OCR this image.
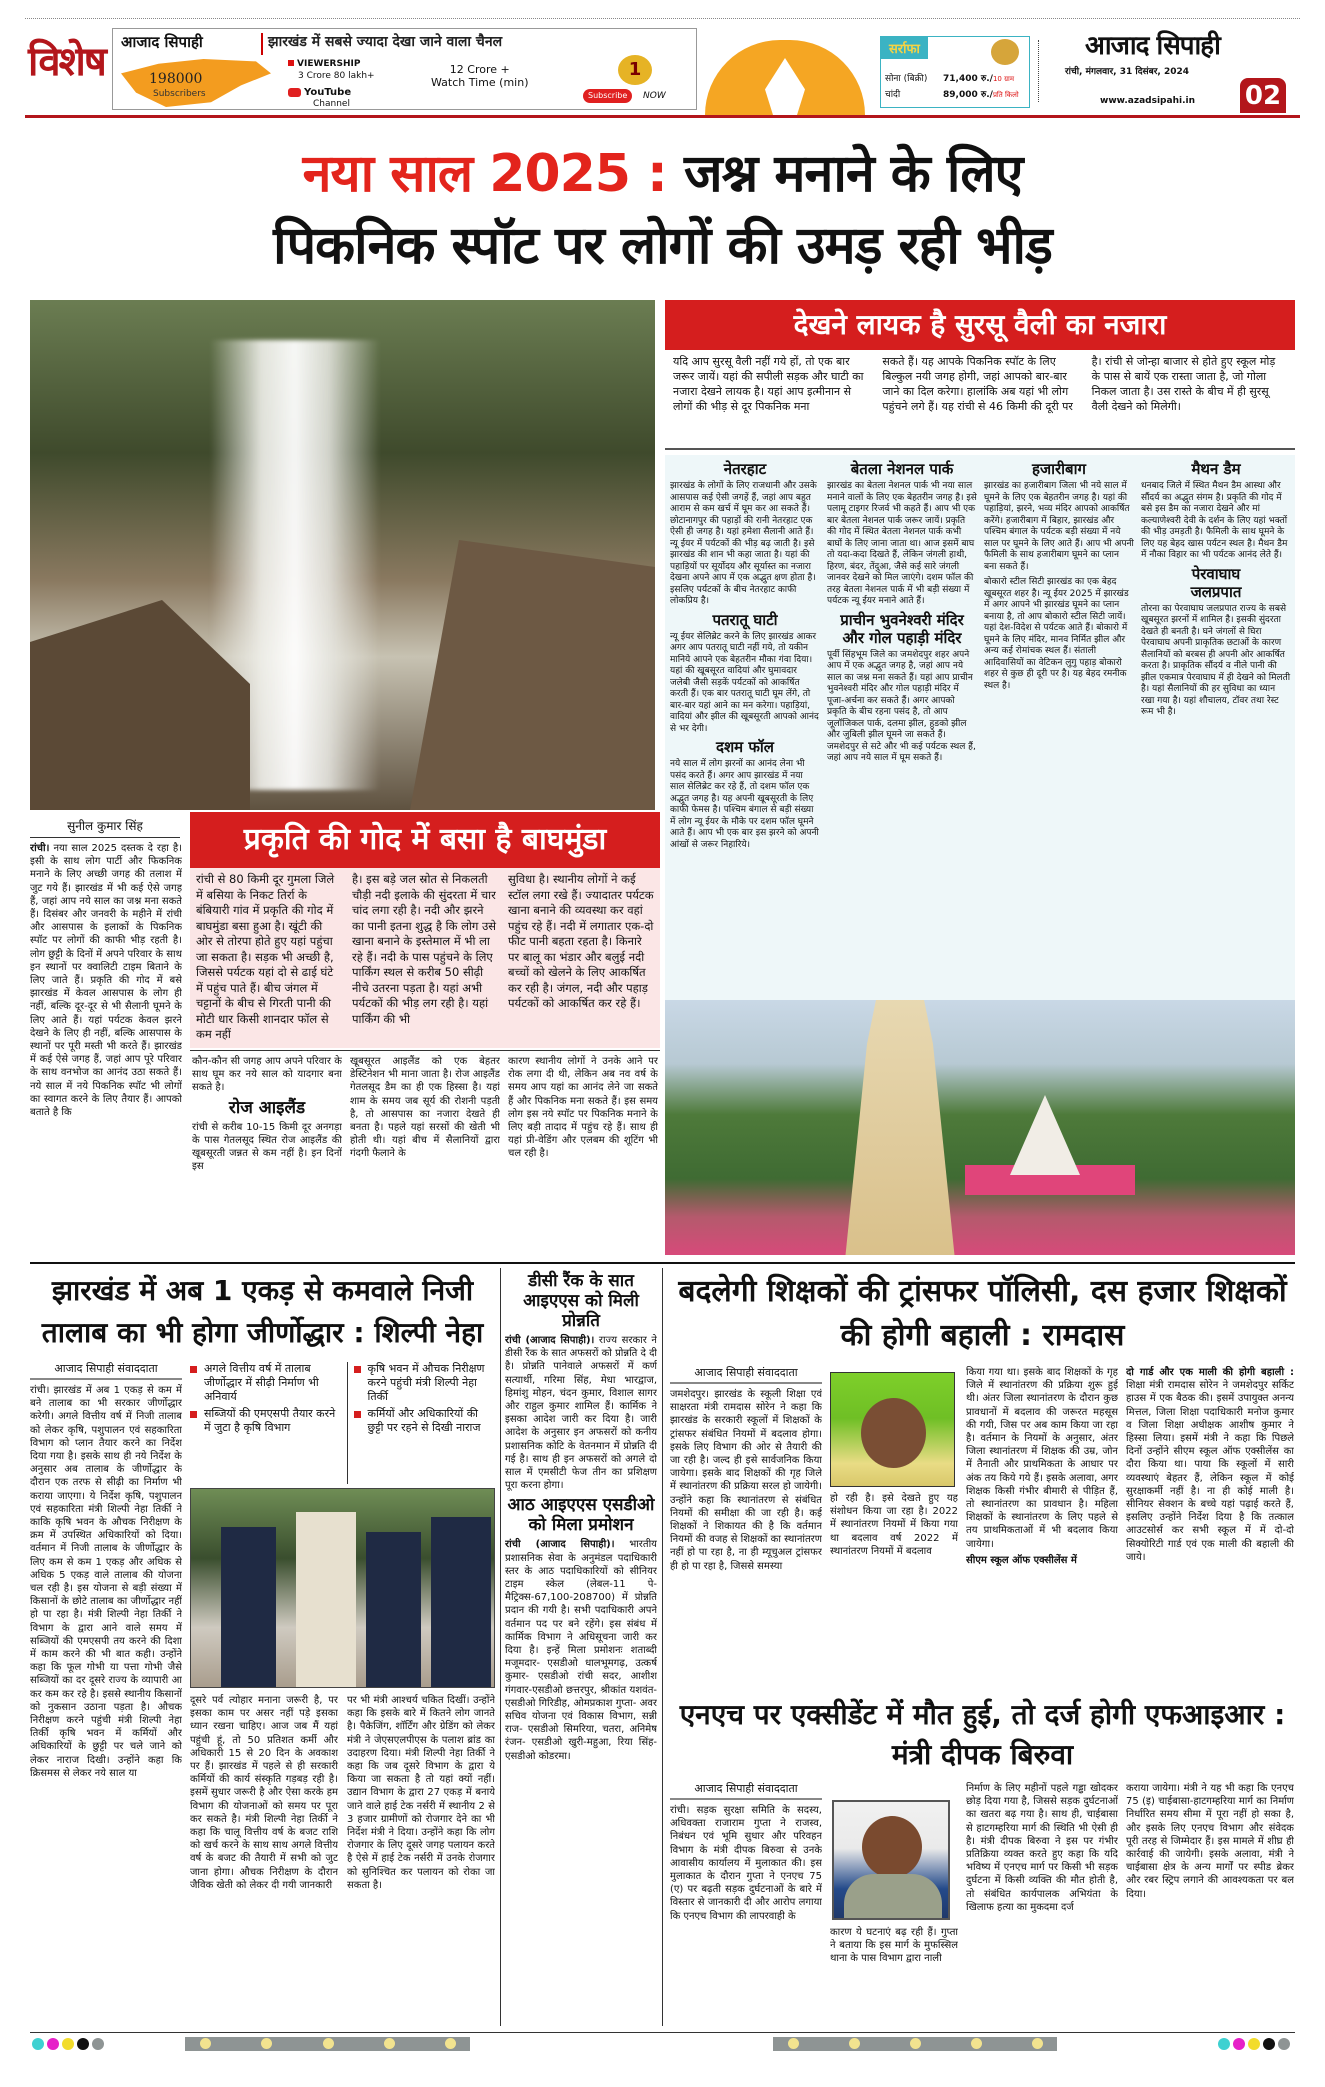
विशेष आजाद सिपाही	झारखंड में सबसे ज्यादा देखा जाने वाला चैनल
198000
Subscribers
VIEWERSHIP
3 Crore 80 lakh+	12 Crore +
Watch Time (min)
YouTube
Channel
1
Subscribe	NOW
सर्राफा
सोना (बिक्री) 71,400 रु./10 ग्राम
चांदी	89,000 रु./प्रति किलो
आजाद सिपाही
रांची, मंगलवार, 31 दिसंबर, 2024
www.azadsipahi.in 02
नया साल 2025 : जश्न मनाने के लिए
पिकनिक स्पॉट पर लोगों की उमड़ रही भीड़
देखने लायक है सुरसू वैली का नजारा
यदि आप सुरसू वैली नहीं गये हों, तो एक बार जरूर जायें। यहां की सपीली सड़क और घाटी का नजारा देखने लायक है। यहां आप इत्मीनान से लोगों की भीड़ से दूर पिकनिक मना
सकते हैं। यह आपके पिकनिक स्पॉट के लिए बिल्कुल नयी जगह होगी, जहां आपको बार-बार जाने का दिल करेगा। हालांकि अब यहां भी लोग पहुंचने लगे हैं। यह रांची से 46 किमी की दूरी पर
है। रांची से जोन्हा बाजार से होते हुए स्कूल मोड़ के पास से बायें एक रास्ता जाता है, जो गोला निकल जाता है। उस रास्ते के बीच में ही सुरसू वैली देखने को मिलेगी।
नेतरहाट
झारखंड के लोगों के लिए राजधानी और उसके आसपास कई ऐसी जगहें हैं, जहां आप बहुत आराम से कम खर्च में घूम कर आ सकते हैं। छोटानागपुर की पहाड़ों की रानी नेतरहाट एक ऐसी ही जगह है। यहां हमेशा सैलानी आते हैं। न्यू ईयर में पर्यटकों की भीड़ बढ़ जाती है। इसे झारखंड की शान भी कहा जाता है। यहां की पहाड़ियों पर सूर्योदय और सूर्यास्त का नजारा देखना अपने आप में एक अद्भुत क्षण होता है। इसलिए पर्यटकों के बीच नेतरहाट काफी लोकप्रिय है।
पतरातू घाटी
न्यू ईयर सेलिब्रेट करने के लिए झारखंड आकर अगर आप पतरातू घाटी नहीं गये, तो यकीन मानिये आपने एक बेहतरीन मौका गंवा दिया। यहां की खूबसूरत वादियां और घुमावदार जलेबी जैसी सड़कें पर्यटकों को आकर्षित करती हैं। एक बार पतरातू घाटी घूम लेंगे, तो बार-बार यहां आने का मन करेगा। पहाड़ियां, वादियां और झील की खूबसूरती आपको आनंद से भर देगी।
दशम फॉल
नये साल में लोग झरनों का आनंद लेना भी पसंद करते हैं। अगर आप झारखंड में नया साल सेलिब्रेट कर रहे हैं, तो दशम फॉल एक अद्भुत जगह है। यह अपनी खूबसूरती के लिए काफी फेमस है। पश्चिम बंगाल से बड़ी संख्या में लोग न्यू ईयर के मौके पर दशम फॉल घूमने आते हैं। आप भी एक बार इस झरने को अपनी आंखों से जरूर निहारिये।
बेतला नेशनल पार्क
झारखंड का बेतला नेशनल पार्क भी नया साल मनाने वालों के लिए एक बेहतरीन जगह है। इसे पलामू टाइगर रिजर्व भी कहते हैं। आप भी एक बार बेतला नेशनल पार्क जरूर जायें। प्रकृति की गोद में स्थित बेतला नेशनल पार्क कभी बाघों के लिए जाना जाता था। आज इसमें बाघ तो यदा-कदा दिखते हैं, लेकिन जंगली हाथी, हिरण, बंदर, तेंदुआ, जैसे कई सारे जंगली जानवर देखने को मिल जाएंगे। दशम फॉल की तरह बेतला नेशनल पार्क में भी बड़ी संख्या में पर्यटक न्यू ईयर मनाने आते हैं।
प्राचीन भुवनेश्वरी मंदिर और गोल पहाड़ी मंदिर
पूर्वी सिंहभूम जिले का जमशेदपुर शहर अपने आप में एक अद्भुत जगह है, जहां आप नये साल का जश्न मना सकते हैं। यहां आप प्राचीन भुवनेश्वरी मंदिर और गोल पहाड़ी मंदिर में पूजा-अर्चना कर सकते हैं। अगर आपको प्रकृति के बीच रहना पसंद है, तो आप जूलॉजिकल पार्क, दलमा झील, हुडको झील और जुबिली झील घूमने जा सकते हैं। जमशेदपुर से सटे और भी कई पर्यटक स्थल हैं, जहां आप नये साल में घूम सकते हैं।
हजारीबाग
झारखंड का हजारीबाग जिला भी नये साल में घूमने के लिए एक बेहतरीन जगह है। यहां की पहाड़ियां, झरने, भव्य मंदिर आपको आकर्षित करेंगे। हजारीबाग में बिहार, झारखंड और पश्चिम बंगाल के पर्यटक बड़ी संख्या में नये साल पर घूमने के लिए आते हैं। आप भी अपनी फैमिली के साथ हजारीबाग घूमने का प्लान बना सकते हैं।
बोकारो स्टील सिटी झारखंड का एक बेहद खूबसूरत शहर है। न्यू ईयर 2025 में झारखंड में अगर आपने भी झारखंड घूमने का प्लान बनाया है, तो आप बोकारो स्टील सिटी जायें। यहां देश-विदेश से पर्यटक आते हैं। बोकारो में घूमने के लिए मंदिर, मानव निर्मित झील और अन्य कई रोमांचक स्थल हैं। संताली आदिवासियों का वेटिकन लुगु पहाड़ बोकारो शहर से कुछ ही दूरी पर है। यह बेहद रमनीक स्थल है।
मैथन डैम
धनबाद जिले में स्थित मैथन डैम आस्था और सौंदर्य का अद्भुत संगम है। प्रकृति की गोद में बसे इस डैम का नजारा देखने और मां कल्याणेश्वरी देवी के दर्शन के लिए यहां भक्तों की भीड़ उमड़ती है। फैमिली के साथ घूमने के लिए यह बेहद खास पर्यटन स्थल है। मैथन डैम में नौका विहार का भी पर्यटक आनंद लेते हैं।
पेरवाघाघ
जलप्रपात
तोरना का पेरवाघाघ जलप्रपात राज्य के सबसे खूबसूरत झरनों में शामिल है। इसकी सुंदरता देखते ही बनती है। घने जंगलों से घिरा पेरवाघाघ अपनी प्राकृतिक छटाओं के कारण सैलानियों को बरबस ही अपनी ओर आकर्षित करता है। प्राकृतिक सौंदर्य व नीले पानी की झील एकमात्र पेरवाघाघ में ही देखने को मिलती है। यहां सैलानियों की हर सुविधा का ध्यान रखा गया है। यहां शौचालय, टॉवर तथा रेस्ट रूम भी है।
सुनील कुमार सिंह
रांची। नया साल 2025 दस्तक दे रहा है।इसी के साथ लोग पार्टी और फिकनिक मनाने के लिए अच्छी जगह की तलाश में जुट गये हैं। झारखंड में भी कई ऐसे जगह हैं, जहां आप नये साल का जश्न मना सकते हैं। दिसंबर और जनवरी के महीने में रांची और आसपास के इलाकों के पिकनिक स्पॉट पर लोगों की काफी भीड़ रहती है। लोग छुट्टी के दिनों में अपने परिवार के साथ इन स्थानों पर क्वालिटी टाइम बिताने के लिए जाते हैं। प्रकृति की गोद में बसे झारखंड में केवल आसपास के लोग ही नहीं, बल्कि दूर-दूर से भी सैलानी घूमने के लिए आते हैं। यहां पर्यटक केवल झरने देखने के लिए ही नहीं, बल्कि आसपास के स्थानों पर पूरी मस्ती भी करते हैं। झारखंड में कई ऐसे जगह हैं, जहां आप पूरे परिवार के साथ वनभोज का आनंद उठा सकते हैं। नये साल में नये पिकनिक स्पॉट भी लोगों का स्वागत करने के लिए तैयार हैं। आपको बताते है कि
प्रकृति की गोद में बसा है बाघमुंडा
रांची से 80 किमी दूर गुमला जिले में बसिया के निकट तिर्रा के बंबियारी गांव में प्रकृति की गोद में बाघमुंडा बसा हुआ है। खूंटी की ओर से तोरपा होते हुए यहां पहुंचा जा सकता है। सड़क भी अच्छी है, जिससे पर्यटक यहां दो से ढाई घंटे में पहुंच पाते हैं। बीच जंगल में चट्टानों के बीच से गिरती पानी की मोटी धार किसी शानदार फॉल से कम नहीं
है। इस बड़े जल स्रोत से निकलती चौड़ी नदी इलाके की सुंदरता में चार चांद लगा रही है। नदी और झरने का पानी इतना शुद्ध है कि लोग उसे खाना बनाने के इस्तेमाल में भी ला रहे हैं। नदी के पास पहुंचने के लिए पार्किंग स्थल से करीब 50 सीढ़ी नीचे उतरना पड़ता है। यहां अभी पर्यटकों की भीड़ लग रही है। यहां पार्किंग की भी
सुविधा है। स्थानीय लोगों ने कई स्टॉल लगा रखे हैं। ज्यादातर पर्यटक खाना बनाने की व्यवस्था कर वहां पहुंच रहे हैं। नदी में लगातार एक-दो फीट पानी बहता रहता है। किनारे पर बालू का भंडार और बलुई नदी बच्चों को खेलने के लिए आकर्षित कर रही है। जंगल, नदी और पहाड़ पर्यटकों को आकर्षित कर रहे हैं।
कौन-कौन सी जगह आप अपने परिवार के साथ घूम कर नये साल को यादगार बना सकते है।
रोज आइलैंड
रांची से करीब 10-15 किमी दूर अनगड़ा के पास गेतलसूद स्थित रोज आइलैंड की खूबसूरती जन्नत से कम नहीं है। इन दिनों इस
खूबसूरत आइलैंड को एक बेहतर डेस्टिनेशन भी माना जाता है। रोज आइलैंड गेतलसूद डैम का ही एक हिस्सा है। यहां शाम के समय जब सूर्य की रोशनी पड़ती है, तो आसपास का नजारा देखते ही बनता है। पहले यहां सरसों की खेती भी होती थी। यहां बीच में सैलानियों द्वारा गंदगी फैलाने के
कारण स्थानीय लोगों ने उनके आने पर रोक लगा दी थी, लेकिन अब नव वर्ष के समय आप यहां का आनंद लेने जा सकते हैं और पिकनिक मना सकते हैं। इस समय लोग इस नये स्पॉट पर पिकनिक मनाने के लिए बड़ी तादाद में पहुंच रहे हैं। साथ ही यहां प्री-वेडिंग और एलबम की शूटिंग भी चल रही है।
झारखंड में अब 1 एकड़ से कमवाले निजी तालाब का भी होगा जीर्णोद्धार : शिल्पी नेहा
आजाद सिपाही संवाददाता
रांची। झारखंड में अब 1 एकड़ से कम में बने तालाब का भी सरकार जीर्णोद्धार करेगी। अगले वित्तीय वर्ष में निजी तालाब को लेकर कृषि, पशुपालन एवं सहकारिता विभाग को प्लान तैयार करने का निर्देश दिया गया है। इसके साथ ही नये निर्देश के अनुसार अब तालाब के जीर्णोद्धार के दौरान एक तरफ से सीढ़ी का निर्माण भी कराया जाएगा। ये निर्देश कृषि, पशुपालन एवं सहकारिता मंत्री शिल्पी नेहा तिर्की ने काकि कृषि भवन के औचक निरीक्षण के क्रम में उपस्थित अधिकारियों को दिया। वर्तमान में निजी तालाब के जीर्णोद्धार के लिए कम से कम 1 एकड़ और अधिक से अधिक 5 एकड़ वाले तालाब की योजना चल रही है। इस योजना से बड़ी संख्या में किसानों के छोटे तालाब का जीर्णोद्धार नहीं हो पा रहा है। मंत्री शिल्पी नेहा तिर्की ने विभाग के द्वारा आने वाले समय में सब्जियों की एमएसपी तय करने की दिशा में काम करने की भी बात कही। उन्होंने कहा कि फूल गोभी या पत्ता गोभी जैसे सब्जियों का दर दूसरे राज्य के व्यापारी आ कर कम कर रहे है। इससे स्थानीय किसानों को नुकसान उठाना पड़ता है। औचक निरीक्षण करने पहुंची मंत्री शिल्पी नेहा तिर्की कृषि भवन में कर्मियों और अधिकारियों के छुट्टी पर चले जाने को लेकर नाराज दिखी। उन्होंने कहा कि क्रिसमस से लेकर नये साल या
अगले वित्तीय वर्ष में तालाब जीर्णोद्धार में सीढ़ी निर्माण भी अनिवार्य
सब्जियों की एमएसपी तैयार करने में जुटा है कृषि विभाग
कृषि भवन में औचक निरीक्षण करने पहुंची मंत्री शिल्पी नेहा तिर्की
कर्मियों और अधिकारियों की छुट्टी पर रहने से दिखी नाराज
दूसरे पर्व त्योहार मनाना जरूरी है, पर इसका काम पर असर नहीं पड़े इसका ध्यान रखना चाहिए। आज जब मैं यहां पहुंची हूं, तो 50 प्रतिशत कर्मी और अधिकारी 15 से 20 दिन के अवकाश पर हैं। झारखंड में पहले से ही सरकारी कर्मियों की कार्य संस्कृति गड़बड़ रही है। इसमें सुधार जरूरी है और ऐसा करके हम विभाग की योजनाओं को समय पर पूरा कर सकते है। मंत्री शिल्पी नेहा तिर्की ने कहा कि चालू वित्तीय वर्ष के बजट राशि को खर्च करने के साथ साथ अगले वित्तीय वर्ष के बजट की तैयारी में सभी को जुट जाना होगा। औचक निरीक्षण के दौरान जैविक खेती को लेकर दी गयी जानकारी
पर भी मंत्री आश्चर्य चकित दिखीं। उन्होंने कहा कि इसके बारे में कितने लोग जानते है। पैकेजिंग, शॉर्टिंग और ग्रेडिंग को लेकर मंत्री ने जेएसएलपीएस के पलाश ब्रांड का उदाहरण दिया। मंत्री शिल्पी नेहा तिर्की ने कहा कि जब दूसरे विभाग के द्वारा ये किया जा सकता है तो यहां क्यों नहीं। उद्यान विभाग के द्वारा 27 एकड़ में बनाये जाने वाले हाई टेक नर्सरी में स्थानीय 2 से 3 हजार ग्रामीणों को रोजगार देने का भी निर्देश मंत्री ने दिया। उन्होंने कहा कि लोग रोजगार के लिए दूसरे जगह पलायन करते है ऐसे में हाई टेक नर्सरी में उनके रोजगार को सुनिश्चित कर पलायन को रोका जा सकता है।
डीसी रैंक के सात आइएएस को मिली प्रोन्नति
रांची (आजाद सिपाही)। राज्य सरकार ने डीसी रैंक के सात अफसरों को प्रोन्नति दे दी है। प्रोन्नति पानेवाले अफसरों में कर्ण सत्यार्थी, गरिमा सिंह, मेधा भारद्वाज, हिमांशु मोहन, चंदन कुमार, विशाल सागर और राहुल कुमार शामिल हैं। कार्मिक ने इसका आदेश जारी कर दिया है। जारी आदेश के अनुसार इन अफसरों को कनीय प्रशासनिक कोटि के वेतनमान में प्रोन्नति दी गई है। साथ ही इन अफसरों को अगले दो साल में एमसीटी फेज तीन का प्रशिक्षण पूरा करना होगा।
आठ आइएएस एसडीओ को मिला प्रमोशन
रांची (आजाद सिपाही)। भारतीय प्रशासनिक सेवा के अनुमंडल पदाधिकारी स्तर के आठ पदाधिकारियों को सीनियर टाइम स्केल (लेबल-11 पे-मैट्रिक्स-67,100-208700) में प्रोन्नति प्रदान की गयी है। सभी पदाधिकारी अपने वर्तमान पद पर बने रहेंगे। इस संबंध में कार्मिक विभाग ने अधिसूचना जारी कर दिया है। इन्हें मिला प्रमोशनः शताब्दी मजूमदार- एसडीओ धालभूमगढ़, उत्कर्ष कुमार- एसडीओ रांची सदर, आशीश गंगवार-एसडीओ छत्तरपुर, श्रीकांत यशवंत- एसडीओ गिरिडीह, ओमप्रकाश गुप्ता- अवर सचिव योजना एवं विकास विभाग, सन्नी राज- एसडीओ सिमरिया, चतरा, अनिमेष रंजन- एसडीओ खुरी-महुआ, रिया सिंह- एसडीओ कोडरमा।
बदलेगी शिक्षकों की ट्रांसफर पॉलिसी, दस हजार शिक्षकों की होगी बहाली : रामदास
आजाद सिपाही संवाददाता
जमशेदपुर। झारखंड के स्कूली शिक्षा एवं साक्षरता मंत्री रामदास सोरेन ने कहा कि झारखंड के सरकारी स्कूलों में शिक्षकों के ट्रांसफर संबंधित नियमों में बदलाव होगा। इसके लिए विभाग की ओर से तैयारी की जा रही है। जल्द ही इसे सार्वजनिक किया जायेगा। इसके बाद शिक्षकों की गृह जिले में स्थानांतरण की प्रक्रिया सरल हो जायेगी। उन्होंने कहा कि स्थानांतरण से संबंधित नियमों की समीक्षा की जा रही है। कई शिक्षकों ने शिकायत की है कि वर्तमान नियमों की वजह से शिक्षकों का स्थानांतरण नहीं हो पा रहा है, ना ही म्यूचुअल ट्रांसफर ही हो पा रहा है, जिससे समस्या
हो रही है। इसे देखते हुए यह संशोधन किया जा रहा है। 2022 में स्थानांतरण नियमों में किया गया था बदलाव वर्ष 2022 में स्थानांतरण नियमों में बदलाव
किया गया था। इसके बाद शिक्षकों के गृह जिले में स्थानांतरण की प्रक्रिया शुरू हुई थी। अंतर जिला स्थानांतरण के दौरान कुछ प्रावधानों में बदलाव की जरूरत महसूस की गयी, जिस पर अब काम किया जा रहा है। वर्तमान के नियमों के अनुसार, अंतर जिला स्थानांतरण में शिक्षक की उम्र, जोन में तैनाती और प्राथमिकता के आधार पर अंक तय किये गये हैं। इसके अलावा, अगर शिक्षक किसी गंभीर बीमारी से पीड़ित हैं, तो स्थानांतरण का प्रावधान है। महिला शिक्षकों के स्थानांतरण के लिए पहले से तय प्राथमिकताओं में भी बदलाव किया जायेगा।
सीएम स्कूल ऑफ एक्सीलेंस में
दो गार्ड और एक माली की होगी बहाली : शिक्षा मंत्री रामदास सोरेन ने जमशेदपुर सर्किट हाउस में एक बैठक की। इसमें उपायुक्त अनन्य मित्तल, जिला शिक्षा पदाधिकारी मनोज कुमार व जिला शिक्षा अधीक्षक आशीष कुमार ने हिस्सा लिया। इसमें मंत्री ने कहा कि पिछले दिनों उन्होंने सीएम स्कूल ऑफ एक्सीलेंस का दौरा किया था। पाया कि स्कूलों में सारी व्यवस्थाएं बेहतर हैं, लेकिन स्कूल में कोई सुरक्षाकर्मी नहीं है। ना ही कोई माली है। सीनियर सेक्शन के बच्चे यहां पढ़ाई करते हैं, इसलिए उन्होंने निर्देश दिया है कि तत्काल आउटसोर्स कर सभी स्कूल में में दो-दो सिक्योरिटी गार्ड एवं एक माली की बहाली की जाये।
एनएच पर एक्सीडेंट में मौत हुई, तो दर्ज होगी एफआइआर : मंत्री दीपक बिरुवा
आजाद सिपाही संवाददाता
रांची। सड़क सुरक्षा समिति के सदस्य, अधिवक्ता राजाराम गुप्ता ने राजस्व, निबंधन एवं भूमि सुधार और परिवहन विभाग के मंत्री दीपक बिरुवा से उनके आवासीय कार्यालय में मुलाकात की। इस मुलाकात के दौरान गुप्ता ने एनएच 75 (ए) पर बढ़ती सड़क दुर्घटनाओं के बारे में विस्तार से जानकारी दी और आरोप लगाया कि एनएच विभाग की लापरवाही के
कारण ये घटनाएं बढ़ रही हैं। गुप्ता ने बताया कि इस मार्ग के मुफस्सिल थाना के पास विभाग द्वारा नाली
निर्माण के लिए महीनों पहले गड्ढा खोदकर छोड़ दिया गया है, जिससे सड़क दुर्घटनाओं का खतरा बढ़ गया है। साथ ही, चाईबासा से हाटगम्हरिया मार्ग की स्थिति भी ऐसी ही है। मंत्री दीपक बिरुवा ने इस पर गंभीर प्रतिक्रिया व्यक्त करते हुए कहा कि यदि भविष्य में एनएच मार्ग पर किसी भी सड़क दुर्घटना में किसी व्यक्ति की मौत होती है, तो संबंधित कार्यपालक अभियंता के खिलाफ हत्या का मुकदमा दर्ज
कराया जायेगा। मंत्री ने यह भी कहा कि एनएच 75 (इ) चाईबासा-हाटगम्हरिया मार्ग का निर्माण निर्धारित समय सीमा में पूरा नहीं हो सका है, और इसके लिए एनएच विभाग और संवेदक पूरी तरह से जिम्मेदार हैं। इस मामले में शीघ्र ही कार्रवाई की जायेगी। इसके अलावा, मंत्री ने चाईबासा क्षेत्र के अन्य मार्गों पर स्पीड ब्रेकर और रबर स्ट्रिप लगाने की आवश्यकता पर बल दिया।
